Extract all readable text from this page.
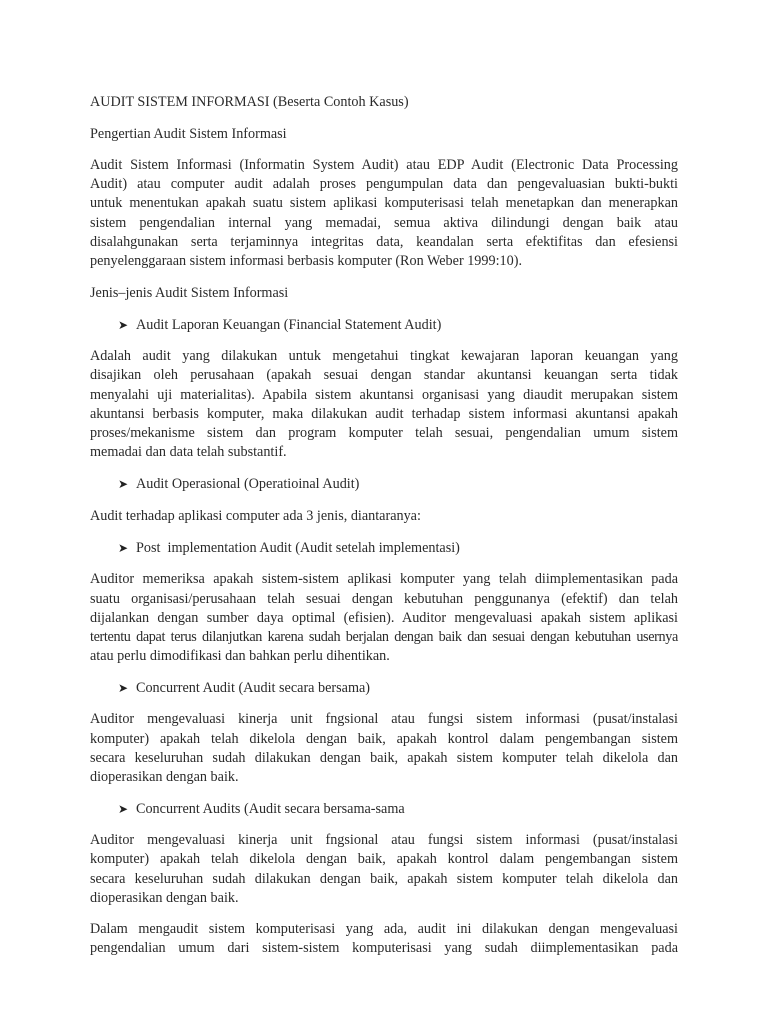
AUDIT SISTEM INFORMASI (Beserta Contoh Kasus)
Pengertian Audit Sistem Informasi
Audit Sistem Informasi (Informatin System Audit) atau EDP Audit (Electronic Data Processing
Audit) atau computer audit adalah proses pengumpulan data dan pengevaluasian bukti-bukti
untuk menentukan apakah suatu sistem aplikasi komputerisasi telah menetapkan dan menerapkan
sistem pengendalian internal yang memadai, semua aktiva dilindungi dengan baik atau
disalahgunakan serta terjaminnya integritas data, keandalan serta efektifitas dan efesiensi
penyelenggaraan sistem informasi berbasis komputer (Ron Weber 1999:10).
Jenis–jenis Audit Sistem Informasi
➤ Audit Laporan Keuangan (Financial Statement Audit)
Adalah audit yang dilakukan untuk mengetahui tingkat kewajaran laporan keuangan yang
disajikan oleh perusahaan (apakah sesuai dengan standar akuntansi keuangan serta tidak
menyalahi uji materialitas). Apabila sistem akuntansi organisasi yang diaudit merupakan sistem
akuntansi berbasis komputer, maka dilakukan audit terhadap sistem informasi akuntansi apakah
proses/mekanisme sistem dan program komputer telah sesuai, pengendalian umum sistem
memadai dan data telah substantif.
➤ Audit Operasional (Operatioinal Audit)
Audit terhadap aplikasi computer ada 3 jenis, diantaranya:
➤ Post  implementation Audit (Audit setelah implementasi)
Auditor memeriksa apakah sistem-sistem aplikasi komputer yang telah diimplementasikan pada
suatu organisasi/perusahaan telah sesuai dengan kebutuhan penggunanya (efektif) dan telah
dijalankan dengan sumber daya optimal (efisien). Auditor mengevaluasi apakah sistem aplikasi
tertentu dapat terus dilanjutkan karena sudah berjalan dengan baik dan sesuai dengan kebutuhan usernya
atau perlu dimodifikasi dan bahkan perlu dihentikan.
➤ Concurrent Audit (Audit secara bersama)
Auditor mengevaluasi kinerja unit fngsional atau fungsi sistem informasi (pusat/instalasi
komputer) apakah telah dikelola dengan baik, apakah kontrol dalam pengembangan sistem
secara keseluruhan sudah dilakukan dengan baik, apakah sistem komputer telah dikelola dan
dioperasikan dengan baik.
➤ Concurrent Audits (Audit secara bersama-sama
Auditor mengevaluasi kinerja unit fngsional atau fungsi sistem informasi (pusat/instalasi
komputer) apakah telah dikelola dengan baik, apakah kontrol dalam pengembangan sistem
secara keseluruhan sudah dilakukan dengan baik, apakah sistem komputer telah dikelola dan
dioperasikan dengan baik.
Dalam mengaudit sistem komputerisasi yang ada, audit ini dilakukan dengan mengevaluasi
pengendalian umum dari sistem-sistem komputerisasi yang sudah diimplementasikan pada
